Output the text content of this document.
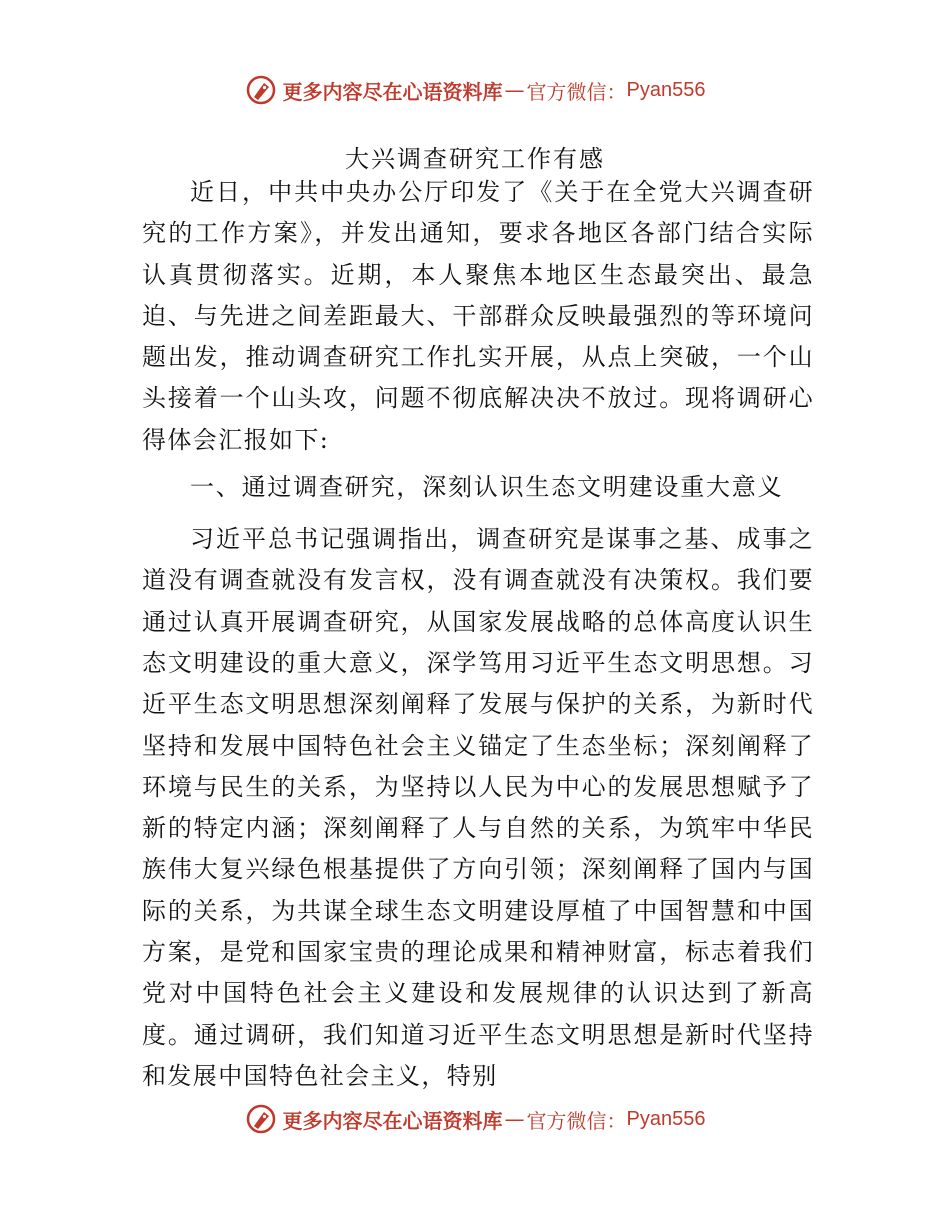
更多内容尽在心语资料库 — 官方微信： Pyan556
大兴调查研究工作有感

近日，中共中央办公厅印发了《关于在全党大兴调查研究的工作方案》，并发出通知，要求各地区各部门结合实际认真贯彻落实。近期，本人聚焦本地区生态最突出、最急迫、与先进之间差距最大、干部群众反映最强烈的等环境问题出发，推动调查研究工作扎实开展，从点上突破，一个山头接着一个山头攻，问题不彻底解决决不放过。现将调研心得体会汇报如下:

一、通过调查研究，深刻认识生态文明建设重大意义

习近平总书记强调指出，调查研究是谋事之基、成事之道没有调查就没有发言权，没有调查就没有决策权。我们要通过认真开展调查研究，从国家发展战略的总体高度认识生态文明建设的重大意义，深学笃用习近平生态文明思想。习近平生态文明思想深刻阐释了发展与保护的关系，为新时代坚持和发展中国特色社会主义锚定了生态坐标；深刻阐释了环境与民生的关系，为坚持以人民为中心的发展思想赋予了新的特定内涵；深刻阐释了人与自然的关系，为筑牢中华民族伟大复兴绿色根基提供了方向引领；深刻阐释了国内与国际的关系，为共谋全球生态文明建设厚植了中国智慧和中国方案，是党和国家宝贵的理论成果和精神财富，标志着我们党对中国特色社会主义建设和发展规律的认识达到了新高度。通过调研，我们知道习近平生态文明思想是新时代坚持和发展中国特色社会主义，特别

更多内容尽在心语资料库 — 官方微信： Pyan556
